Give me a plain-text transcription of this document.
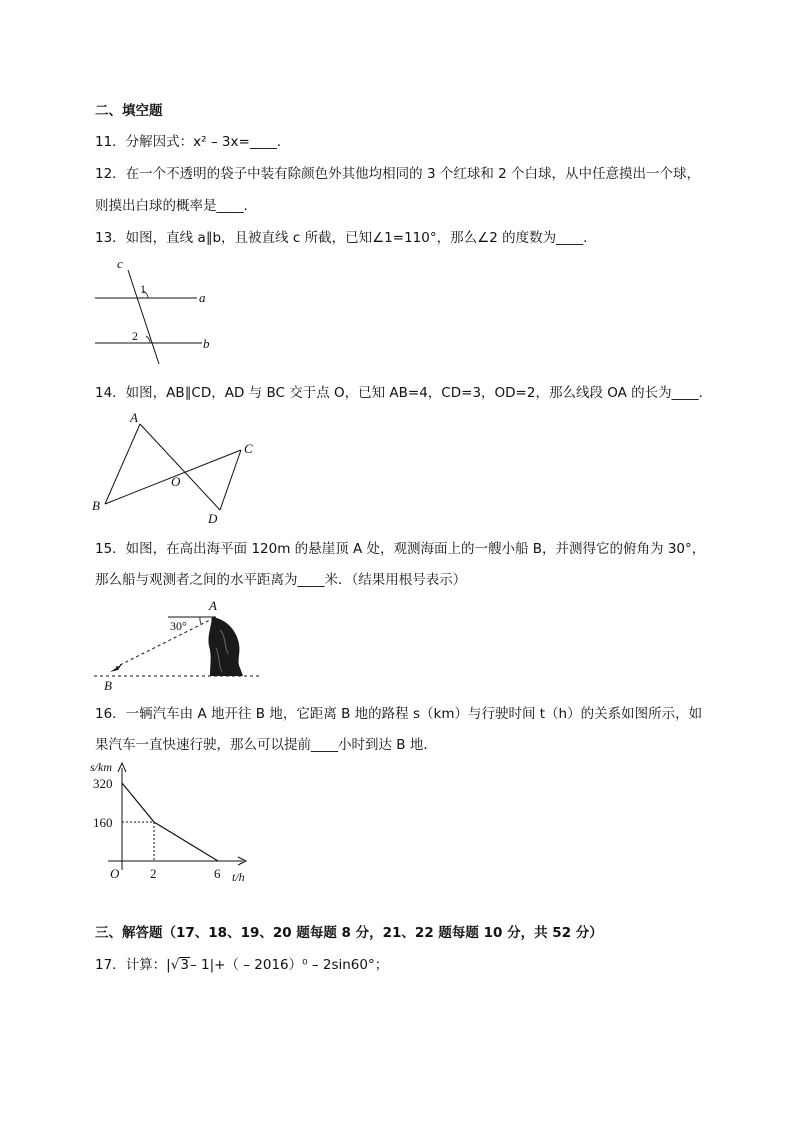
二、填空题
11．分解因式：x² – 3x=____.
12．在一个不透明的袋子中装有除颜色外其他均相同的 3 个红球和 2 个白球，从中任意摸出一个球，
则摸出白球的概率是____.
13．如图，直线 a∥b，且被直线 c 所截，已知∠1=110°，那么∠2 的度数为____.
c
a
b
1
2
14．如图，AB∥CD，AD 与 BC 交于点 O，已知 AB=4，CD=3，OD=2，那么线段 OA 的长为____.
A
B
C
D
O
15．如图，在高出海平面 120m 的悬崖顶 A 处，观测海面上的一艘小船 B，并测得它的俯角为 30°，
那么船与观测者之间的水平距离为____米．（结果用根号表示）
A
B
30°
16．一辆汽车由 A 地开往 B 地，它距离 B 地的路程 s（km）与行驶时间 t（h）的关系如图所示，如
果汽车一直快速行驶，那么可以提前____小时到达 B 地．
s/km
t/h
O
320
160
2	6
三、解答题（17、18、19、20 题每题 8 分，21、22 题每题 10 分，共 52 分）
17．计算：|√3– 1|+（ – 2016）⁰ – 2sin60°；
